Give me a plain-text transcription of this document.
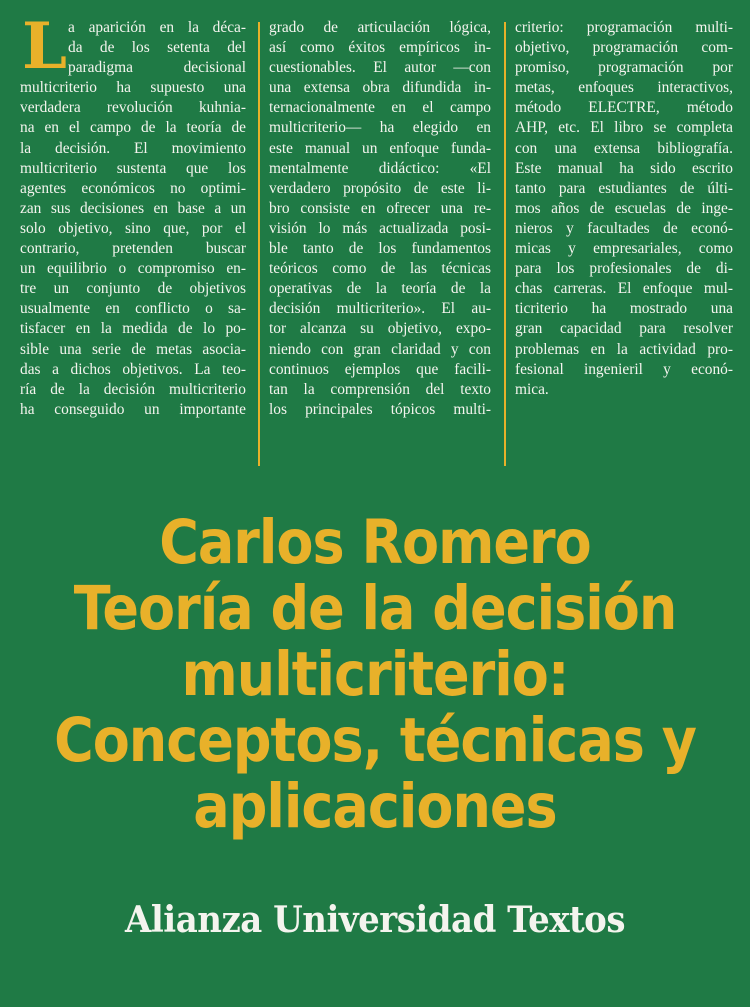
L a aparición en la déca-
da de los setenta del
paradigma decisional
multicriterio ha supuesto una
verdadera revolución kuhnia-
na en el campo de la teoría de
la decisión. El movimiento
multicriterio sustenta que los
agentes económicos no optimi-
zan sus decisiones en base a un
solo objetivo, sino que, por el
contrario, pretenden buscar
un equilibrio o compromiso en-
tre un conjunto de objetivos
usualmente en conflicto o sa-
tisfacer en la medida de lo po-
sible una serie de metas asocia-
das a dichos objetivos. La teo-
ría de la decisión multicriterio
ha conseguido un importante
grado de articulación lógica,
así como éxitos empíricos in-
cuestionables. El autor —con
una extensa obra difundida in-
ternacionalmente en el campo
multicriterio— ha elegido en
este manual un enfoque funda-
mentalmente didáctico: «El
verdadero propósito de este li-
bro consiste en ofrecer una re-
visión lo más actualizada posi-
ble tanto de los fundamentos
teóricos como de las técnicas
operativas de la teoría de la
decisión multicriterio». El au-
tor alcanza su objetivo, expo-
niendo con gran claridad y con
continuos ejemplos que facili-
tan la comprensión del texto
los principales tópicos multi-
criterio: programación multi-
objetivo, programación com-
promiso, programación por
metas, enfoques interactivos,
método ELECTRE, método
AHP, etc. El libro se completa
con una extensa bibliografía.
Este manual ha sido escrito
tanto para estudiantes de últi-
mos años de escuelas de inge-
nieros y facultades de econó-
micas y empresariales, como
para los profesionales de di-
chas carreras. El enfoque mul-
ticriterio ha mostrado una
gran capacidad para resolver
problemas en la actividad pro-
fesional ingenieril y econó-
mica.
Carlos Romero
Teoría de la decisión
multicriterio:
Conceptos, técnicas y
aplicaciones
Alianza Universidad Textos
